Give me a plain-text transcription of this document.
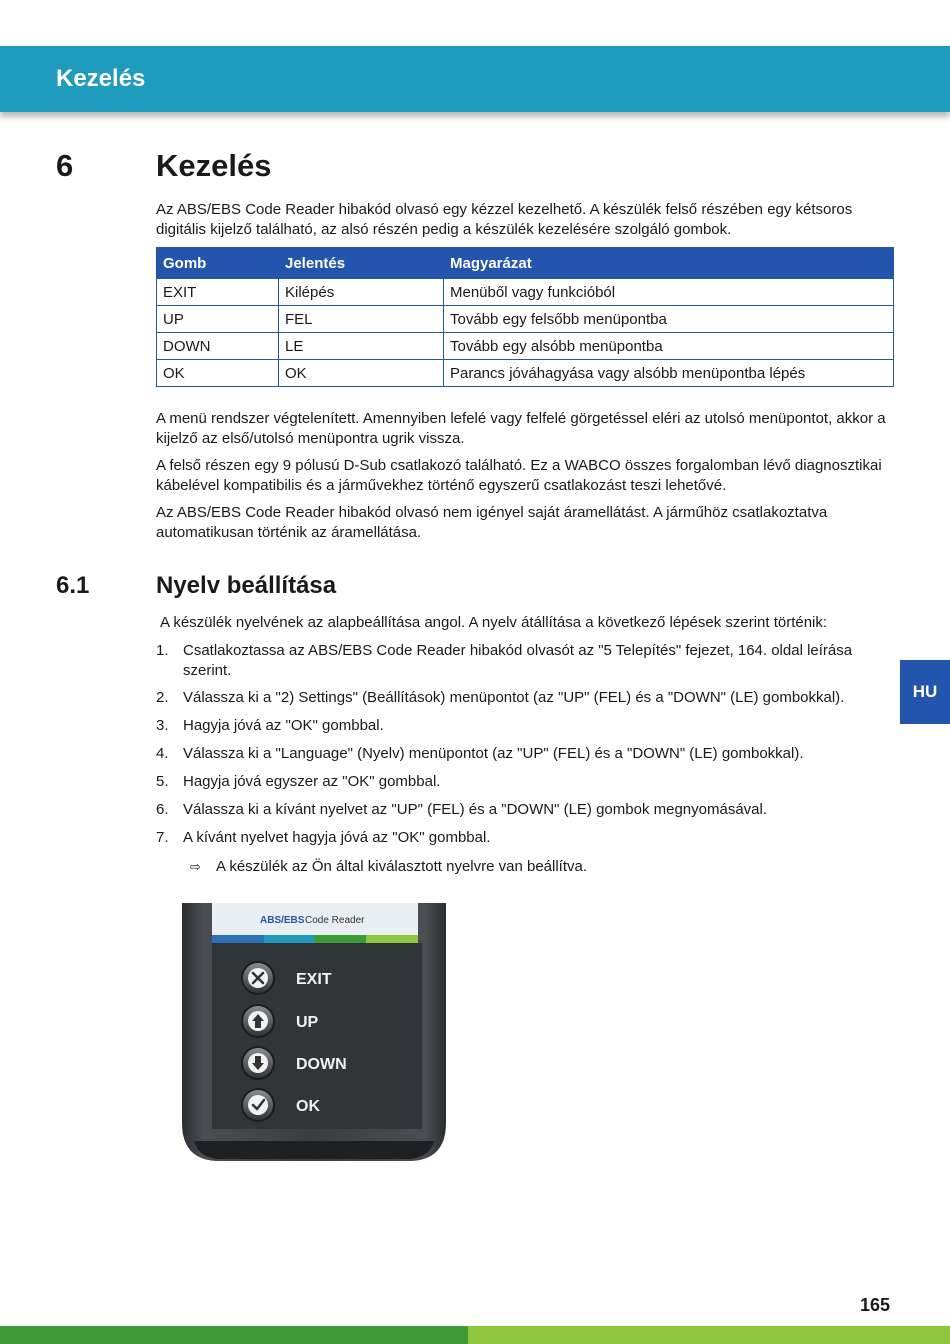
Kezelés
6	Kezelés

Az ABS/EBS Code Reader hibakód olvasó egy kézzel kezelhető. A készülék felső részében egy kétsoros digitális kijelző található, az alsó részén pedig a készülék kezelésére szolgáló gombok.

Gomb	Jelentés	Magyarázat
EXIT	Kilépés	Menüből vagy funkcióból
UP	FEL	Tovább egy felsőbb menüpontba
DOWN	LE	Tovább egy alsóbb menüpontba
OK	OK	Parancs jóváhagyása vagy alsóbb menüpontba lépés

A menü rendszer végtelenített. Amennyiben lefelé vagy felfelé görgetéssel eléri az utolsó menüpontot, akkor a kijelző az első/utolsó menüpontra ugrik vissza.

A felső részen egy 9 pólusú D-Sub csatlakozó található. Ez a WABCO összes forgalomban lévő diagnosztikai kábelével kompatibilis és a járművekhez történő egyszerű csatlakozást teszi lehetővé.

Az ABS/EBS Code Reader hibakód olvasó nem igényel saját áramellátást. A járműhöz csatlakoztatva automatikusan történik az áramellátása.

6.1	Nyelv beállítása

A készülék nyelvének az alapbeállítása angol. A nyelv átállítása a következő lépések szerint történik:

1. Csatlakoztassa az ABS/EBS Code Reader hibakód olvasót az "5 Telepítés" fejezet, 164. oldal leírása szerint.
2. Válassza ki a "2) Settings" (Beállítások) menüpontot (az "UP" (FEL) és a "DOWN" (LE) gombokkal).
3. Hagyja jóvá az "OK" gombbal.
4. Válassza ki a "Language" (Nyelv) menüpontot (az "UP" (FEL) és a "DOWN" (LE) gombokkal).
5. Hagyja jóvá egyszer az "OK" gombbal.
6. Válassza ki a kívánt nyelvet az "UP" (FEL) és a "DOWN" (LE) gombok megnyomásával.
7. A kívánt nyelvet hagyja jóvá az "OK" gombbal.
⇨ A készülék az Ön által kiválasztott nyelvre van beállítva.
HU
ABS/EBS Code Reader
EXIT
UP
DOWN
OK
165
